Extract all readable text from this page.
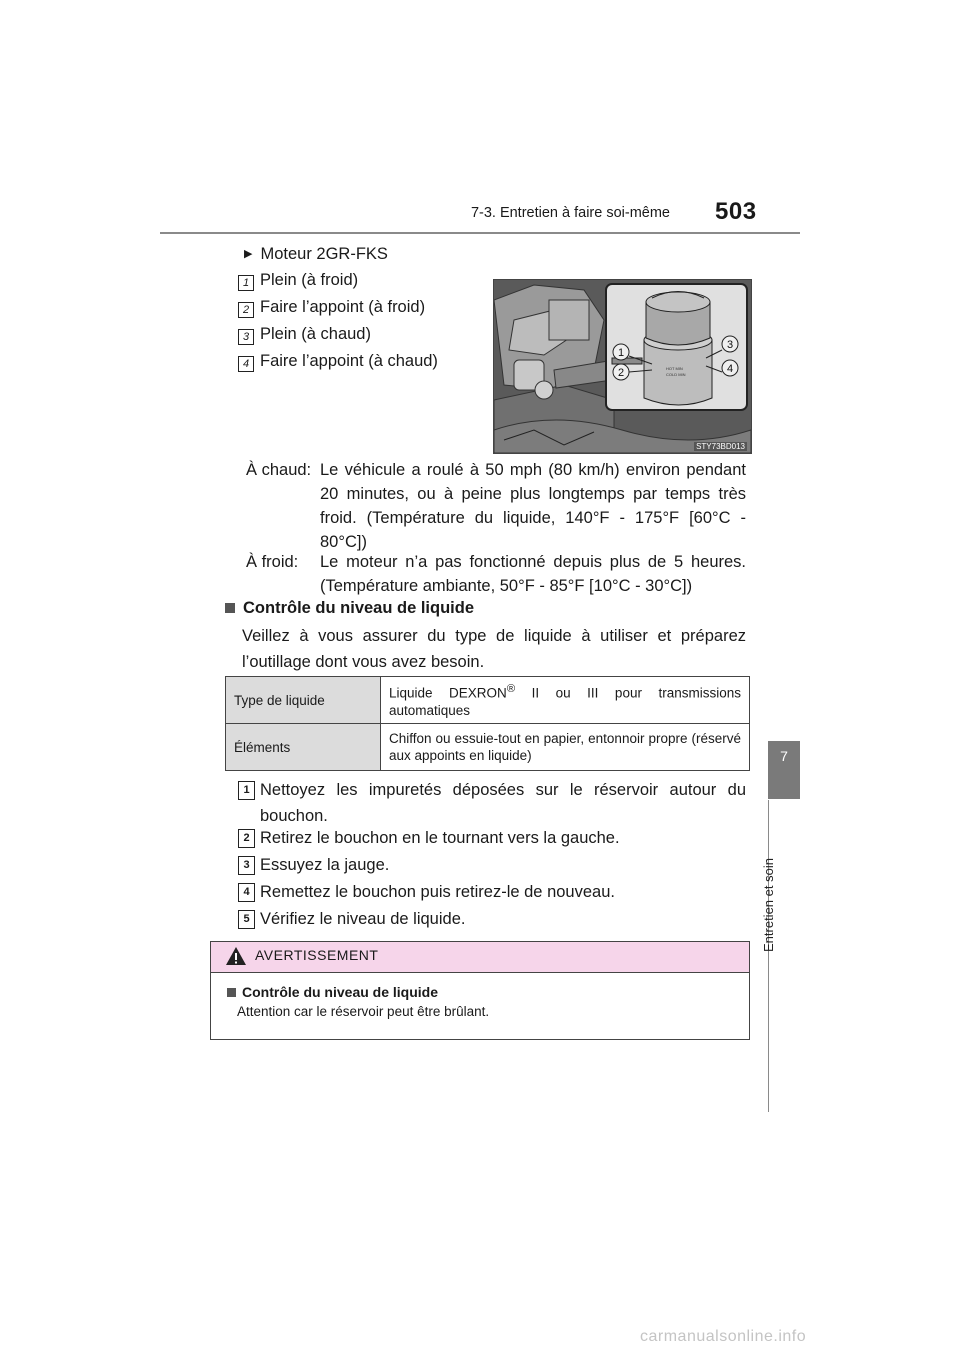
7-3. Entretien à faire soi-même 503
7
Entretien et soin
▶ Moteur 2GR-FKS
1 Plein (à froid)
2 Faire l’appoint (à froid)
3 Plein (à chaud)
4 Faire l’appoint (à chaud)	HOT MIN
COLD MIN
1
2
3
4
STY73BD013
À chaud: Le véhicule a roulé à 50 mph (80 km/h) environ pendant 20 minutes, ou à peine plus longtemps par temps très froid. (Température du liquide, 140°F - 175°F [60°C - 80°C])
À froid: Le moteur n’a pas fonctionné depuis plus de 5 heures. (Température ambiante, 50°F - 85°F [10°C - 30°C])
Contrôle du niveau de liquide
Veillez à vous assurer du type de liquide à utiliser et préparez l’outillage dont vous avez besoin.
Type de liquide	Liquide DEXRON® II ou III pour transmissions automatiques
Éléments	Chiffon ou essuie-tout en papier, entonnoir propre (réservé aux appoints en liquide)
1 Nettoyez les impuretés déposées sur le réservoir autour du bouchon.
2 Retirez le bouchon en le tournant vers la gauche.
3 Essuyez la jauge.
4 Remettez le bouchon puis retirez-le de nouveau.
5 Vérifiez le niveau de liquide.
AVERTISSEMENT
Contrôle du niveau de liquide
Attention car le réservoir peut être brûlant.
carmanualsonline.info
